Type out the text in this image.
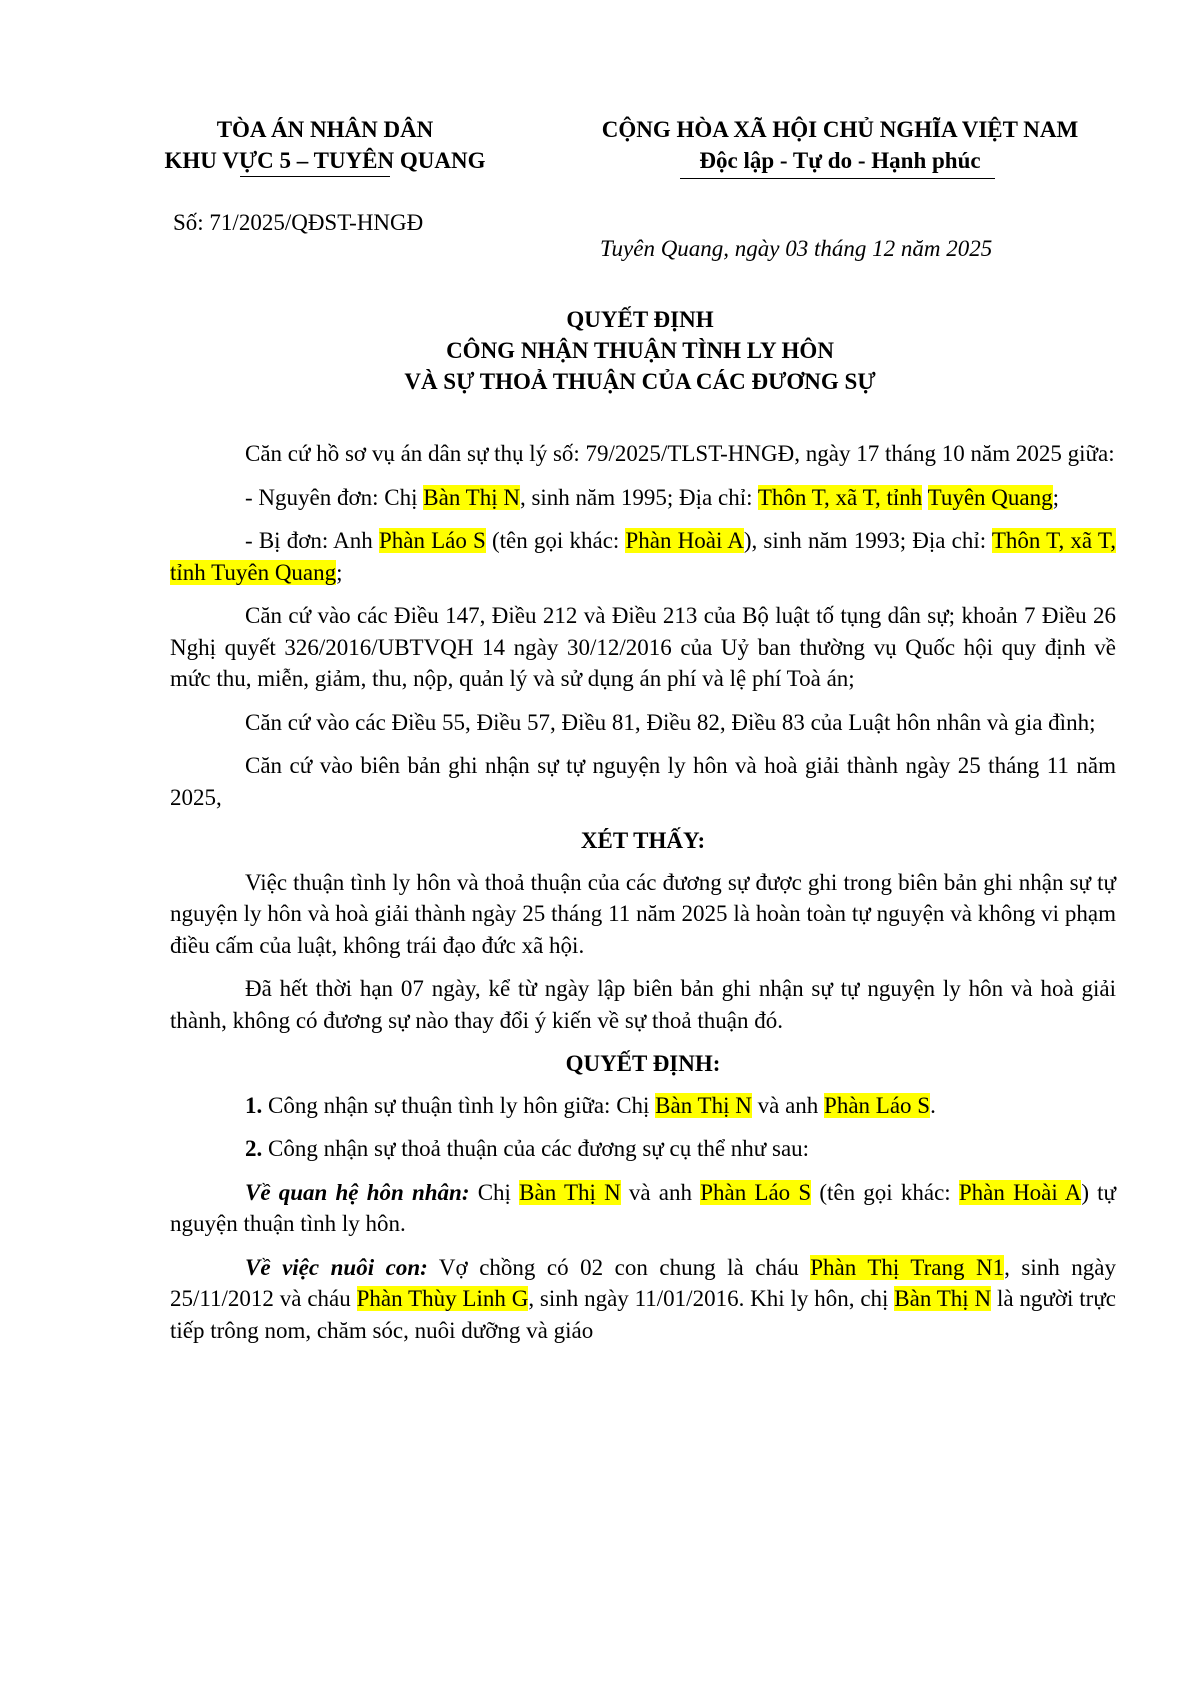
TÒA ÁN NHÂN DÂN
KHU VỰC 5 – TUYÊN QUANG
CỘNG HÒA XÃ HỘI CHỦ NGHĨA VIỆT NAM
Độc lập - Tự do - Hạnh phúc
Số: 71/2025/QĐST-HNGĐ
Tuyên Quang, ngày 03 tháng 12 năm 2025
QUYẾT ĐỊNH
CÔNG NHẬN THUẬN TÌNH LY HÔN
VÀ SỰ THOẢ THUẬN CỦA CÁC ĐƯƠNG SỰ

Căn cứ hồ sơ vụ án dân sự thụ lý số: 79/2025/TLST-HNGĐ, ngày 17 tháng 10 năm 2025 giữa:

- Nguyên đơn: Chị Bàn Thị N, sinh năm 1995; Địa chỉ: Thôn T, xã T, tỉnh Tuyên Quang;

- Bị đơn: Anh Phàn Láo S (tên gọi khác: Phàn Hoài A), sinh năm 1993; Địa chỉ: Thôn T, xã T, tỉnh Tuyên Quang;

Căn cứ vào các Điều 147, Điều 212 và Điều 213 của Bộ luật tố tụng dân sự; khoản 7 Điều 26 Nghị quyết 326/2016/UBTVQH 14 ngày 30/12/2016 của Uỷ ban thường vụ Quốc hội quy định về mức thu, miễn, giảm, thu, nộp, quản lý và sử dụng án phí và lệ phí Toà án;

Căn cứ vào các Điều 55, Điều 57, Điều 81, Điều 82, Điều 83 của Luật hôn nhân và gia đình;

Căn cứ vào biên bản ghi nhận sự tự nguyện ly hôn và hoà giải thành ngày 25 tháng 11 năm 2025,

XÉT THẤY:

Việc thuận tình ly hôn và thoả thuận của các đương sự được ghi trong biên bản ghi nhận sự tự nguyện ly hôn và hoà giải thành ngày 25 tháng 11 năm 2025 là hoàn toàn tự nguyện và không vi phạm điều cấm của luật, không trái đạo đức xã hội.

Đã hết thời hạn 07 ngày, kể từ ngày lập biên bản ghi nhận sự tự nguyện ly hôn và hoà giải thành, không có đương sự nào thay đổi ý kiến về sự thoả thuận đó.

QUYẾT ĐỊNH:

1. Công nhận sự thuận tình ly hôn giữa: Chị Bàn Thị N và anh Phàn Láo S.

2. Công nhận sự thoả thuận của các đương sự cụ thể như sau:

Về quan hệ hôn nhân: Chị Bàn Thị N và anh Phàn Láo S (tên gọi khác: Phàn Hoài A) tự nguyện thuận tình ly hôn.

Về việc nuôi con: Vợ chồng có 02 con chung là cháu Phàn Thị Trang N1, sinh ngày 25/11/2012 và cháu Phàn Thùy Linh G, sinh ngày 11/01/2016. Khi ly hôn, chị Bàn Thị N là người trực tiếp trông nom, chăm sóc, nuôi dưỡng và giáo
